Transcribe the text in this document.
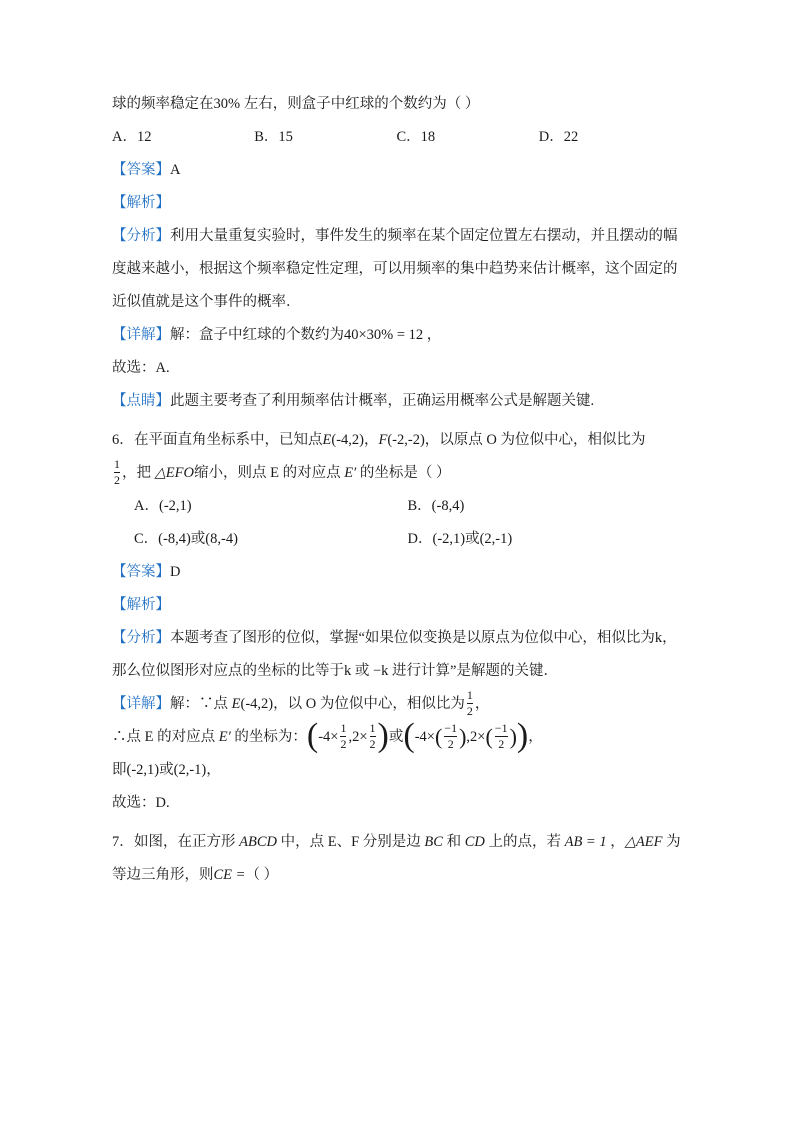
球的频率稳定在30% 左右，则盒子中红球的个数约为（ ）
A．12	B．15	C．18	D．22
【答案】A
【解析】
【分析】利用大量重复实验时，事件发生的频率在某个固定位置左右摆动，并且摆动的幅度越来越小，根据这个频率稳定性定理，可以用频率的集中趋势来估计概率，这个固定的近似值就是这个事件的概率．
【详解】解：盒子中红球的个数约为40×30% = 12 ，
故选：A.
【点睛】此题主要考查了利用频率估计概率，正确运用概率公式是解题关键.
6．在平面直角坐标系中，已知点E(-4,2)，F(-2,-2)，以原点 O 为位似中心，相似比为
$\frac{1}{2}$ ，把 △EFO缩小，则点 E 的对应点 E′ 的坐标是（ ）
A．(-2,1)	B．(-8,4)
C．(-8,4)或(8,-4)	D．(-2,1)或(2,-1)
【答案】D
【解析】
【分析】本题考查了图形的位似，掌握“如果位似变换是以原点为位似中心，相似比为k，那么位似图形对应点的坐标的比等于k 或 −k 进行计算”是解题的关键．
【详解】解：∵点 E(-4,2)，以 O 为位似中心，相似比为 $\frac{1}{2}$ ，
∴点 E 的对应点 E′ 的坐标为：($-4\times \frac{1}{2} ,2\times \frac{1}{2}$ )或($-4\times( \frac{-1}{2} ),2\times( \frac{-1}{2}$ ))，
即(-2,1)或(2,-1)，
故选：D.
7．如图，在正方形 ABCD 中，点 E、F 分别是边 BC 和 CD 上的点，若 AB = 1 ，△AEF 为
等边三角形，则CE =（ ）
